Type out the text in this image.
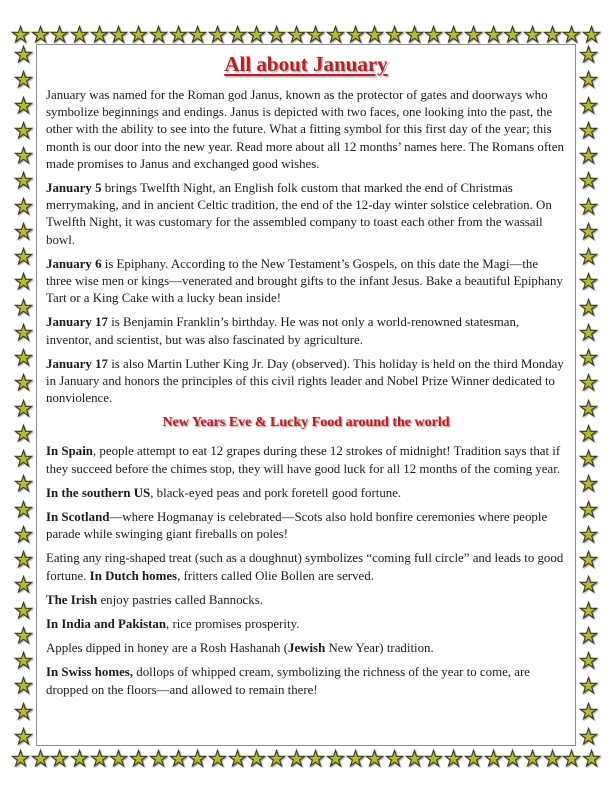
All about January

January was named for the Roman god Janus, known as the protector of gates and doorways who symbolize beginnings and endings. Janus is depicted with two faces, one looking into the past, the other with the ability to see into the future. What a fitting symbol for this first day of the year; this month is our door into the new year. Read more about all 12 months’ names here. The Romans often made promises to Janus and exchanged good wishes.

January 5 brings Twelfth Night, an English folk custom that marked the end of Christmas merrymaking, and in ancient Celtic tradition, the end of the 12-day winter solstice celebration. On Twelfth Night, it was customary for the assembled company to toast each other from the wassail bowl.

January 6 is Epiphany. According to the New Testament’s Gospels, on this date the Magi—the three wise men or kings—venerated and brought gifts to the infant Jesus. Bake a beautiful Epiphany Tart or a King Cake with a lucky bean inside!

January 17 is Benjamin Franklin’s birthday. He was not only a world-renowned statesman, inventor, and scientist, but was also fascinated by agriculture.

January 17 is also Martin Luther King Jr. Day (observed). This holiday is held on the third Monday in January and honors the principles of this civil rights leader and Nobel Prize Winner dedicated to nonviolence.

New Years Eve & Lucky Food around the world

In Spain, people attempt to eat 12 grapes during these 12 strokes of midnight! Tradition says that if they succeed before the chimes stop, they will have good luck for all 12 months of the coming year.

In the southern US, black-eyed peas and pork foretell good fortune.

In Scotland—where Hogmanay is celebrated—Scots also hold bonfire ceremonies where people parade while swinging giant fireballs on poles!

Eating any ring-shaped treat (such as a doughnut) symbolizes “coming full circle” and leads to good fortune. In Dutch homes, fritters called Olie Bollen are served.

The Irish enjoy pastries called Bannocks.

In India and Pakistan, rice promises prosperity.

Apples dipped in honey are a Rosh Hashanah (Jewish New Year) tradition.

In Swiss homes, dollops of whipped cream, symbolizing the richness of the year to come, are dropped on the floors—and allowed to remain there!
